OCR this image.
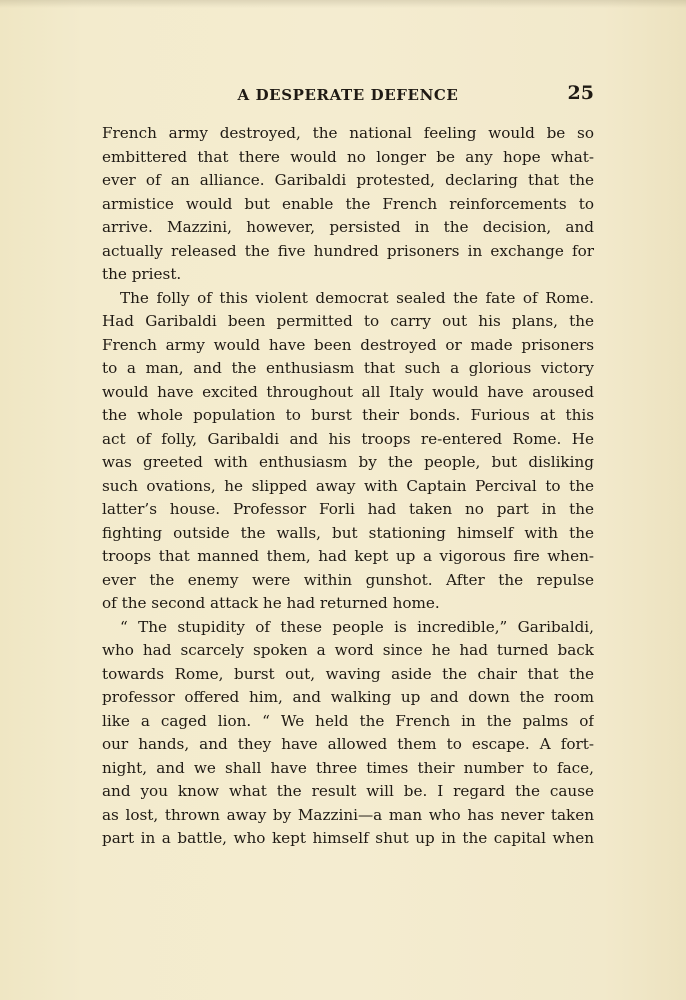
A DESPERATE DEFENCE	25
French army destroyed, the national feeling would be so
embittered that there would no longer be any hope what-
ever of an alliance. Garibaldi protested, declaring that the
armistice would but enable the French reinforcements to
arrive. Mazzini, however, persisted in the decision, and
actually released the five hundred prisoners in exchange for
the priest.
The folly of this violent democrat sealed the fate of Rome.
Had Garibaldi been permitted to carry out his plans, the
French army would have been destroyed or made prisoners
to a man, and the enthusiasm that such a glorious victory
would have excited throughout all Italy would have aroused
the whole population to burst their bonds. Furious at this
act of folly, Garibaldi and his troops re-entered Rome. He
was greeted with enthusiasm by the people, but disliking
such ovations, he slipped away with Captain Percival to the
latter’s house. Professor Forli had taken no part in the
fighting outside the walls, but stationing himself with the
troops that manned them, had kept up a vigorous fire when-
ever the enemy were within gunshot. After the repulse
of the second attack he had returned home.
“ The stupidity of these people is incredible,” Garibaldi,
who had scarcely spoken a word since he had turned back
towards Rome, burst out, waving aside the chair that the
professor offered him, and walking up and down the room
like a caged lion. “ We held the French in the palms of
our hands, and they have allowed them to escape. A fort-
night, and we shall have three times their number to face,
and you know what the result will be. I regard the cause
as lost, thrown away by Mazzini—a man who has never taken
part in a battle, who kept himself shut up in the capital when
